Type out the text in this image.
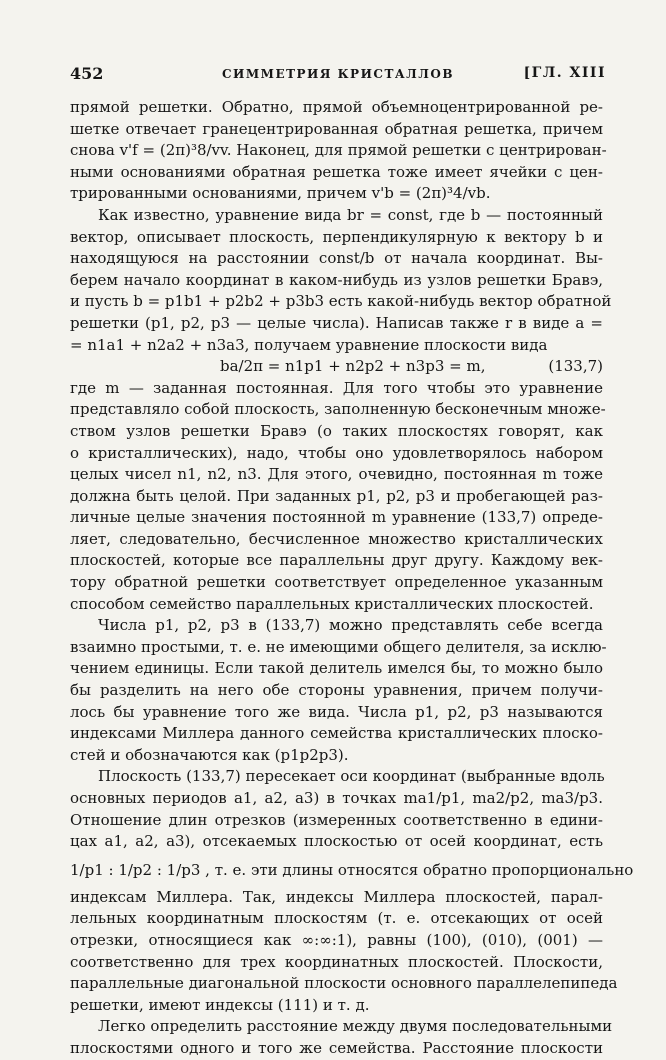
452	СИММЕТРИЯ КРИСТАЛЛОВ	[ГЛ. XIII
прямой решетки. Обратно, прямой объемноцентрированной ре-
шетке отвечает гранецентрированная обратная решетка, причем
снова v'f = (2π)³8/vv. Наконец, для прямой решетки с центрирован-
ными основаниями обратная решетка тоже имеет ячейки с цен-
трированными основаниями, причем v'b = (2π)³4/vb.
Как известно, уравнение вида br = const, где b — постоянный
вектор, описывает плоскость, перпендикулярную к вектору b и
находящуюся на расстоянии const/b от начала координат. Вы-
берем начало координат в каком-нибудь из узлов решетки Бравэ,
и пусть b = p1b1 + p2b2 + p3b3 есть какой-нибудь вектор обратной
решетки (p1, p2, p3 — целые числа). Написав также r в виде a =
= n1a1 + n2a2 + n3a3, получаем уравнение плоскости вида
ba/2π = n1p1 + n2p2 + n3p3 = m,	(133,7)
где m — заданная постоянная. Для того чтобы это уравнение
представляло собой плоскость, заполненную бесконечным множе-
ством узлов решетки Бравэ (о таких плоскостях говорят, как
о кристаллических), надо, чтобы оно удовлетворялось набором
целых чисел n1, n2, n3. Для этого, очевидно, постоянная m тоже
должна быть целой. При заданных p1, p2, p3 и пробегающей раз-
личные целые значения постоянной m уравнение (133,7) опреде-
ляет, следовательно, бесчисленное множество кристаллических
плоскостей, которые все параллельны друг другу. Каждому век-
тору обратной решетки соответствует определенное указанным
способом семейство параллельных кристаллических плоскостей.
Числа p1, p2, p3 в (133,7) можно представлять себе всегда
взаимно простыми, т. е. не имеющими общего делителя, за исклю-
чением единицы. Если такой делитель имелся бы, то можно было
бы разделить на него обе стороны уравнения, причем получи-
лось бы уравнение того же вида. Числа p1, p2, p3 называются
индексами Миллера данного семейства кристаллических плоско-
стей и обозначаются как (p1p2p3).
Плоскость (133,7) пересекает оси координат (выбранные вдоль
основных периодов a1, a2, a3) в точках ma1/p1, ma2/p2, ma3/p3.
Отношение длин отрезков (измеренных соответственно в едини-
цах a1, a2, a3), отсекаемых плоскостью от осей координат, есть
1/p1 : 1/p2 : 1/p3 , т. е. эти длины относятся обратно пропорционально
индексам Миллера. Так, индексы Миллера плоскостей, парал-
лельных координатным плоскостям (т. е. отсекающих от осей
отрезки, относящиеся как ∞:∞:1), равны (100), (010), (001) —
соответственно для трех координатных плоскостей. Плоскости,
параллельные диагональной плоскости основного параллелепипеда
решетки, имеют индексы (111) и т. д.
Легко определить расстояние между двумя последовательными
плоскостями одного и того же семейства. Расстояние плоскости
